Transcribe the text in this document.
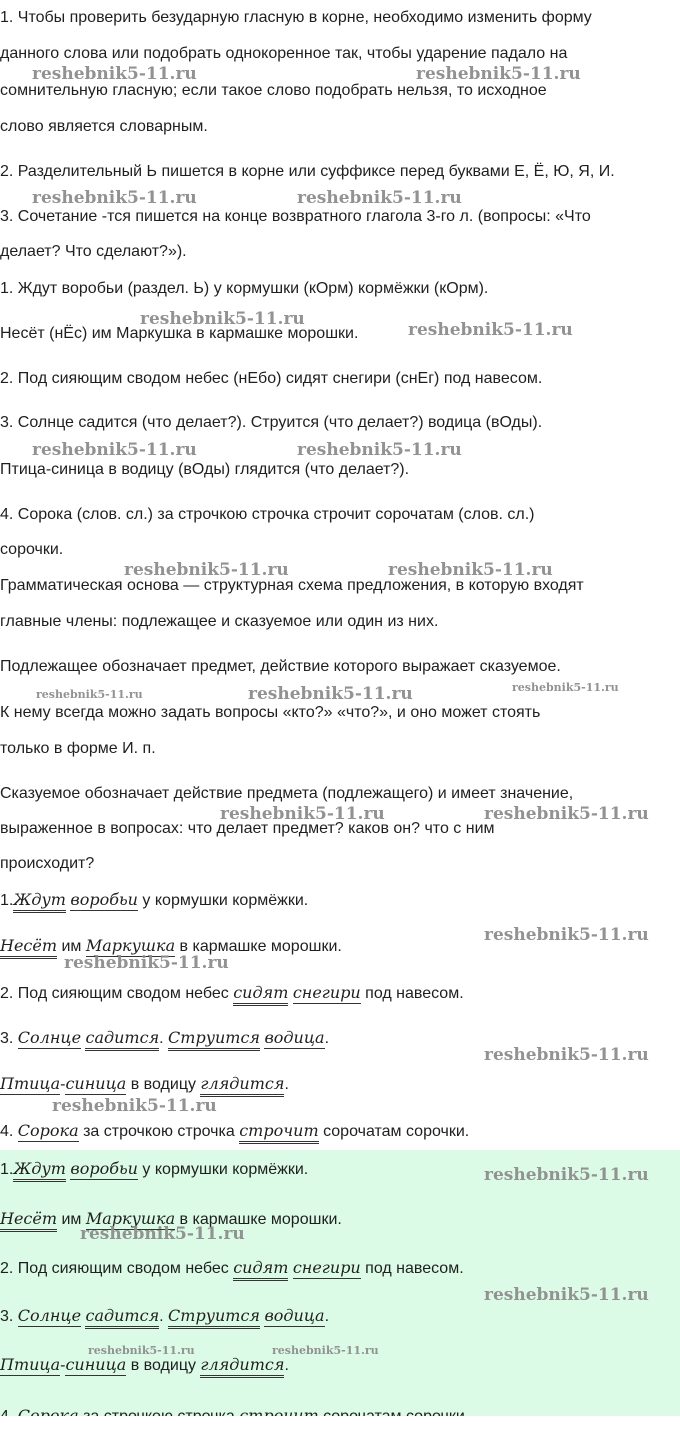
1. Чтобы проверить безударную гласную в корне, необходимо изменить форму
данного слова или подобрать однокоренное так, чтобы ударение падало на
сомнительную гласную; если такое слово подобрать нельзя, то исходное
слово является словарным.
2. Разделительный Ь пишется в корне или суффиксе перед буквами Е, Ё, Ю, Я, И.
3. Сочетание -тся пишется на конце возвратного глагола 3-го л. (вопросы: «Что
делает? Что сделают?»).
1. Ждут воробьи (раздел. Ь) у кормушки (кОрм) кормёжки (кОрм).
Несёт (нЁс) им Маркушка в кармашке морошки.
2. Под сияющим сводом небес (нЕбо) сидят снегири (снЕг) под навесом.
3. Солнце садится (что делает?). Струится (что делает?) водица (вОды).
Птица-синица в водицу (вОды) глядится (что делает?).
4. Сорока (слов. сл.) за строчкою строчка строчит сорочатам (слов. сл.)
сорочки.
Грамматическая основа — структурная схема предложения, в которую входят
главные члены: подлежащее и сказуемое или один из них.
Подлежащее обозначает предмет, действие которого выражает сказуемое.
К нему всегда можно задать вопросы «кто?» «что?», и оно может стоять
только в форме И. п.
Сказуемое обозначает действие предмета (подлежащего) и имеет значение,
выраженное в вопросах: что делает предмет? каков он? что с ним
происходит?
1.Ждут воробьи у кормушки кормёжки.
Несёт им Маркушка в кармашке морошки.
2. Под сияющим сводом небес сидят снегири под навесом.
3. Солнце садится. Струится водица.
Птица-синица в водицу глядится.
4. Сорока за строчкою строчка строчит сорочатам сорочки.
1.Ждут воробьи у кормушки кормёжки.
Несёт им Маркушка в кармашке морошки.
2. Под сияющим сводом небес сидят снегири под навесом.
3. Солнце садится. Струится водица.
Птица-синица в водицу глядится.
reshebnik5-11.ru	reshebnik5-11.ru
reshebnik5-11.ru	reshebnik5-11.ru
reshebnik5-11.ru
reshebnik5-11.ru
reshebnik5-11.ru	reshebnik5-11.ru
reshebnik5-11.ru	reshebnik5-11.ru
reshebnik5-11.ru	reshebnik5-11.ru	reshebnik5-11.ru
reshebnik5-11.ru	reshebnik5-11.ru
reshebnik5-11.ru
reshebnik5-11.ru
reshebnik5-11.ru
reshebnik5-11.ru
reshebnik5-11.ru
reshebnik5-11.ru
reshebnik5-11.ru
reshebnik5-11.ru	reshebnik5-11.ru
